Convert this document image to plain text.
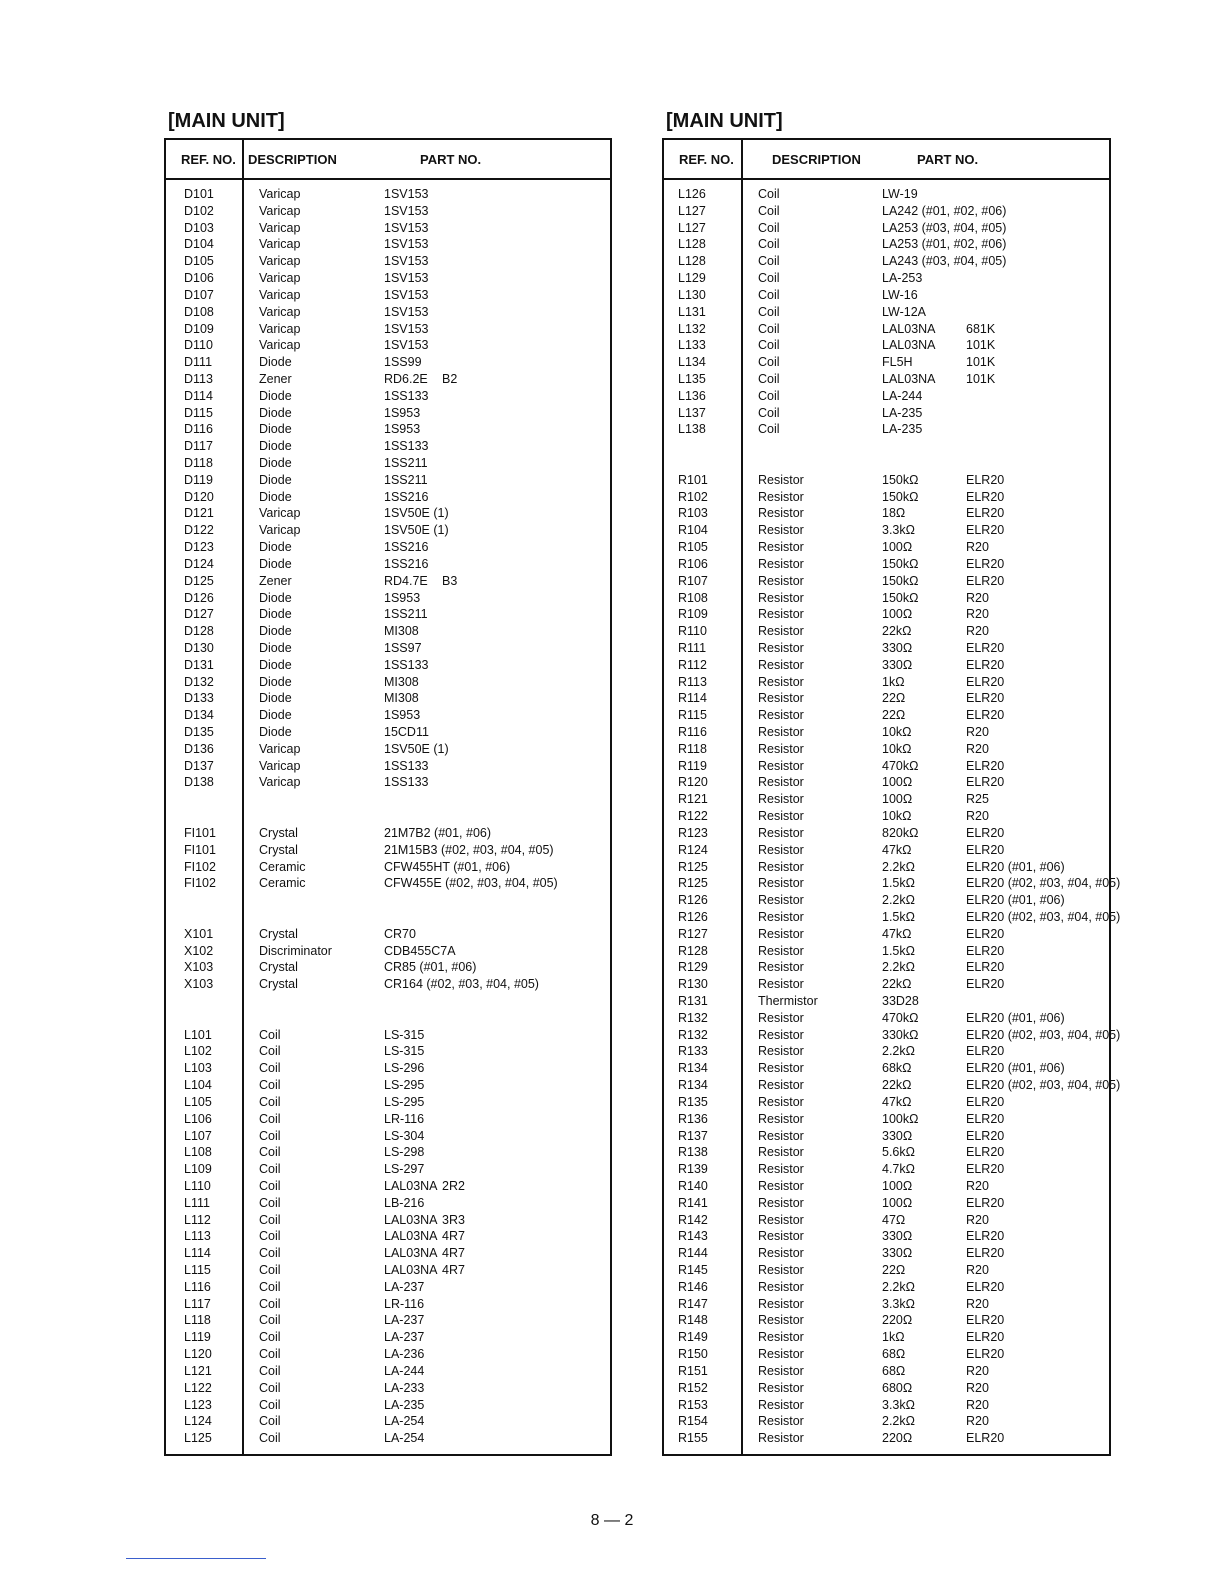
[MAIN UNIT]
REF. NO. DESCRIPTION	PART NO.
D101	Varicap	1SV153
D102	Varicap	1SV153
D103	Varicap	1SV153
D104	Varicap	1SV153
D105	Varicap	1SV153
D106	Varicap	1SV153
D107	Varicap	1SV153
D108	Varicap	1SV153
D109	Varicap	1SV153
D110	Varicap	1SV153
D111	Diode	1SS99
D113	Zener	RD6.2E B2
D114	Diode	1SS133
D115	Diode	1S953
D116	Diode	1S953
D117	Diode	1SS133
D118	Diode	1SS211
D119	Diode	1SS211
D120	Diode	1SS216
D121	Varicap	1SV50E (1)
D122	Varicap	1SV50E (1)
D123	Diode	1SS216
D124	Diode	1SS216
D125	Zener	RD4.7E B3
D126	Diode	1S953
D127	Diode	1SS211
D128	Diode	MI308
D130	Diode	1SS97
D131	Diode	1SS133
D132	Diode	MI308
D133	Diode	MI308
D134	Diode	1S953
D135	Diode	15CD11
D136	Varicap	1SV50E (1)
D137	Varicap	1SS133
D138	Varicap	1SS133
FI101	Crystal	21M7B2 (#01, #06)
FI101	Crystal	21M15B3 (#02, #03, #04, #05)
FI102	Ceramic	CFW455HT (#01, #06)
FI102	Ceramic	CFW455E (#02, #03, #04, #05)
X101	Crystal	CR70
X102	Discriminator	CDB455C7A
X103	Crystal	CR85 (#01, #06)
X103	Crystal	CR164 (#02, #03, #04, #05)
L101	Coil	LS-315
L102	Coil	LS-315
L103	Coil	LS-296
L104	Coil	LS-295
L105	Coil	LS-295
L106	Coil	LR-116
L107	Coil	LS-304
L108	Coil	LS-298
L109	Coil	LS-297
L110	Coil	LAL03NA 2R2
L111	Coil	LB-216
L112	Coil	LAL03NA 3R3
L113	Coil	LAL03NA 4R7
L114	Coil	LAL03NA 4R7
L115	Coil	LAL03NA 4R7
L116	Coil	LA-237
L117	Coil	LR-116
L118	Coil	LA-237
L119	Coil	LA-237
L120	Coil	LA-236
L121	Coil	LA-244
L122	Coil	LA-233
L123	Coil	LA-235
L124	Coil	LA-254
L125	Coil	LA-254
[MAIN UNIT]
REF. NO.	DESCRIPTION	PART NO.
L126	Coil	LW-19
L127	Coil	LA242 (#01, #02, #06)
L127	Coil	LA253 (#03, #04, #05)
L128	Coil	LA253 (#01, #02, #06)
L128	Coil	LA243 (#03, #04, #05)
L129	Coil	LA-253
L130	Coil	LW-16
L131	Coil	LW-12A
L132	Coil	LAL03NA 681K
L133	Coil	LAL03NA 101K
L134	Coil	FL5H	101K
L135	Coil	LAL03NA 101K
L136	Coil	LA-244
L137	Coil	LA-235
L138	Coil	LA-235
R101	Resistor	150kΩ	ELR20
R102	Resistor	150kΩ	ELR20
R103	Resistor	18Ω	ELR20
R104	Resistor	3.3kΩ	ELR20
R105	Resistor	100Ω	R20
R106	Resistor	150kΩ	ELR20
R107	Resistor	150kΩ	ELR20
R108	Resistor	150kΩ	R20
R109	Resistor	100Ω	R20
R110	Resistor	22kΩ	R20
R111	Resistor	330Ω	ELR20
R112	Resistor	330Ω	ELR20
R113	Resistor	1kΩ	ELR20
R114	Resistor	22Ω	ELR20
R115	Resistor	22Ω	ELR20
R116	Resistor	10kΩ	R20
R118	Resistor	10kΩ	R20
R119	Resistor	470kΩ	ELR20
R120	Resistor	100Ω	ELR20
R121	Resistor	100Ω	R25
R122	Resistor	10kΩ	R20
R123	Resistor	820kΩ	ELR20
R124	Resistor	47kΩ	ELR20
R125	Resistor	2.2kΩ	ELR20 (#01, #06)
R125	Resistor	1.5kΩ	ELR20 (#02, #03, #04, #05)
R126	Resistor	2.2kΩ	ELR20 (#01, #06)
R126	Resistor	1.5kΩ	ELR20 (#02, #03, #04, #05)
R127	Resistor	47kΩ	ELR20
R128	Resistor	1.5kΩ	ELR20
R129	Resistor	2.2kΩ	ELR20
R130	Resistor	22kΩ	ELR20
R131	Thermistor	33D28
R132	Resistor	470kΩ	ELR20 (#01, #06)
R132	Resistor	330kΩ	ELR20 (#02, #03, #04, #05)
R133	Resistor	2.2kΩ	ELR20
R134	Resistor	68kΩ	ELR20 (#01, #06)
R134	Resistor	22kΩ	ELR20 (#02, #03, #04, #05)
R135	Resistor	47kΩ	ELR20
R136	Resistor	100kΩ	ELR20
R137	Resistor	330Ω	ELR20
R138	Resistor	5.6kΩ	ELR20
R139	Resistor	4.7kΩ	ELR20
R140	Resistor	100Ω	R20
R141	Resistor	100Ω	ELR20
R142	Resistor	47Ω	R20
R143	Resistor	330Ω	ELR20
R144	Resistor	330Ω	ELR20
R145	Resistor	22Ω	R20
R146	Resistor	2.2kΩ	ELR20
R147	Resistor	3.3kΩ	R20
R148	Resistor	220Ω	ELR20
R149	Resistor	1kΩ	ELR20
R150	Resistor	68Ω	ELR20
R151	Resistor	68Ω	R20
R152	Resistor	680Ω	R20
R153	Resistor	3.3kΩ	R20
R154	Resistor	2.2kΩ	R20
R155	Resistor	220Ω	ELR20
8 — 2
